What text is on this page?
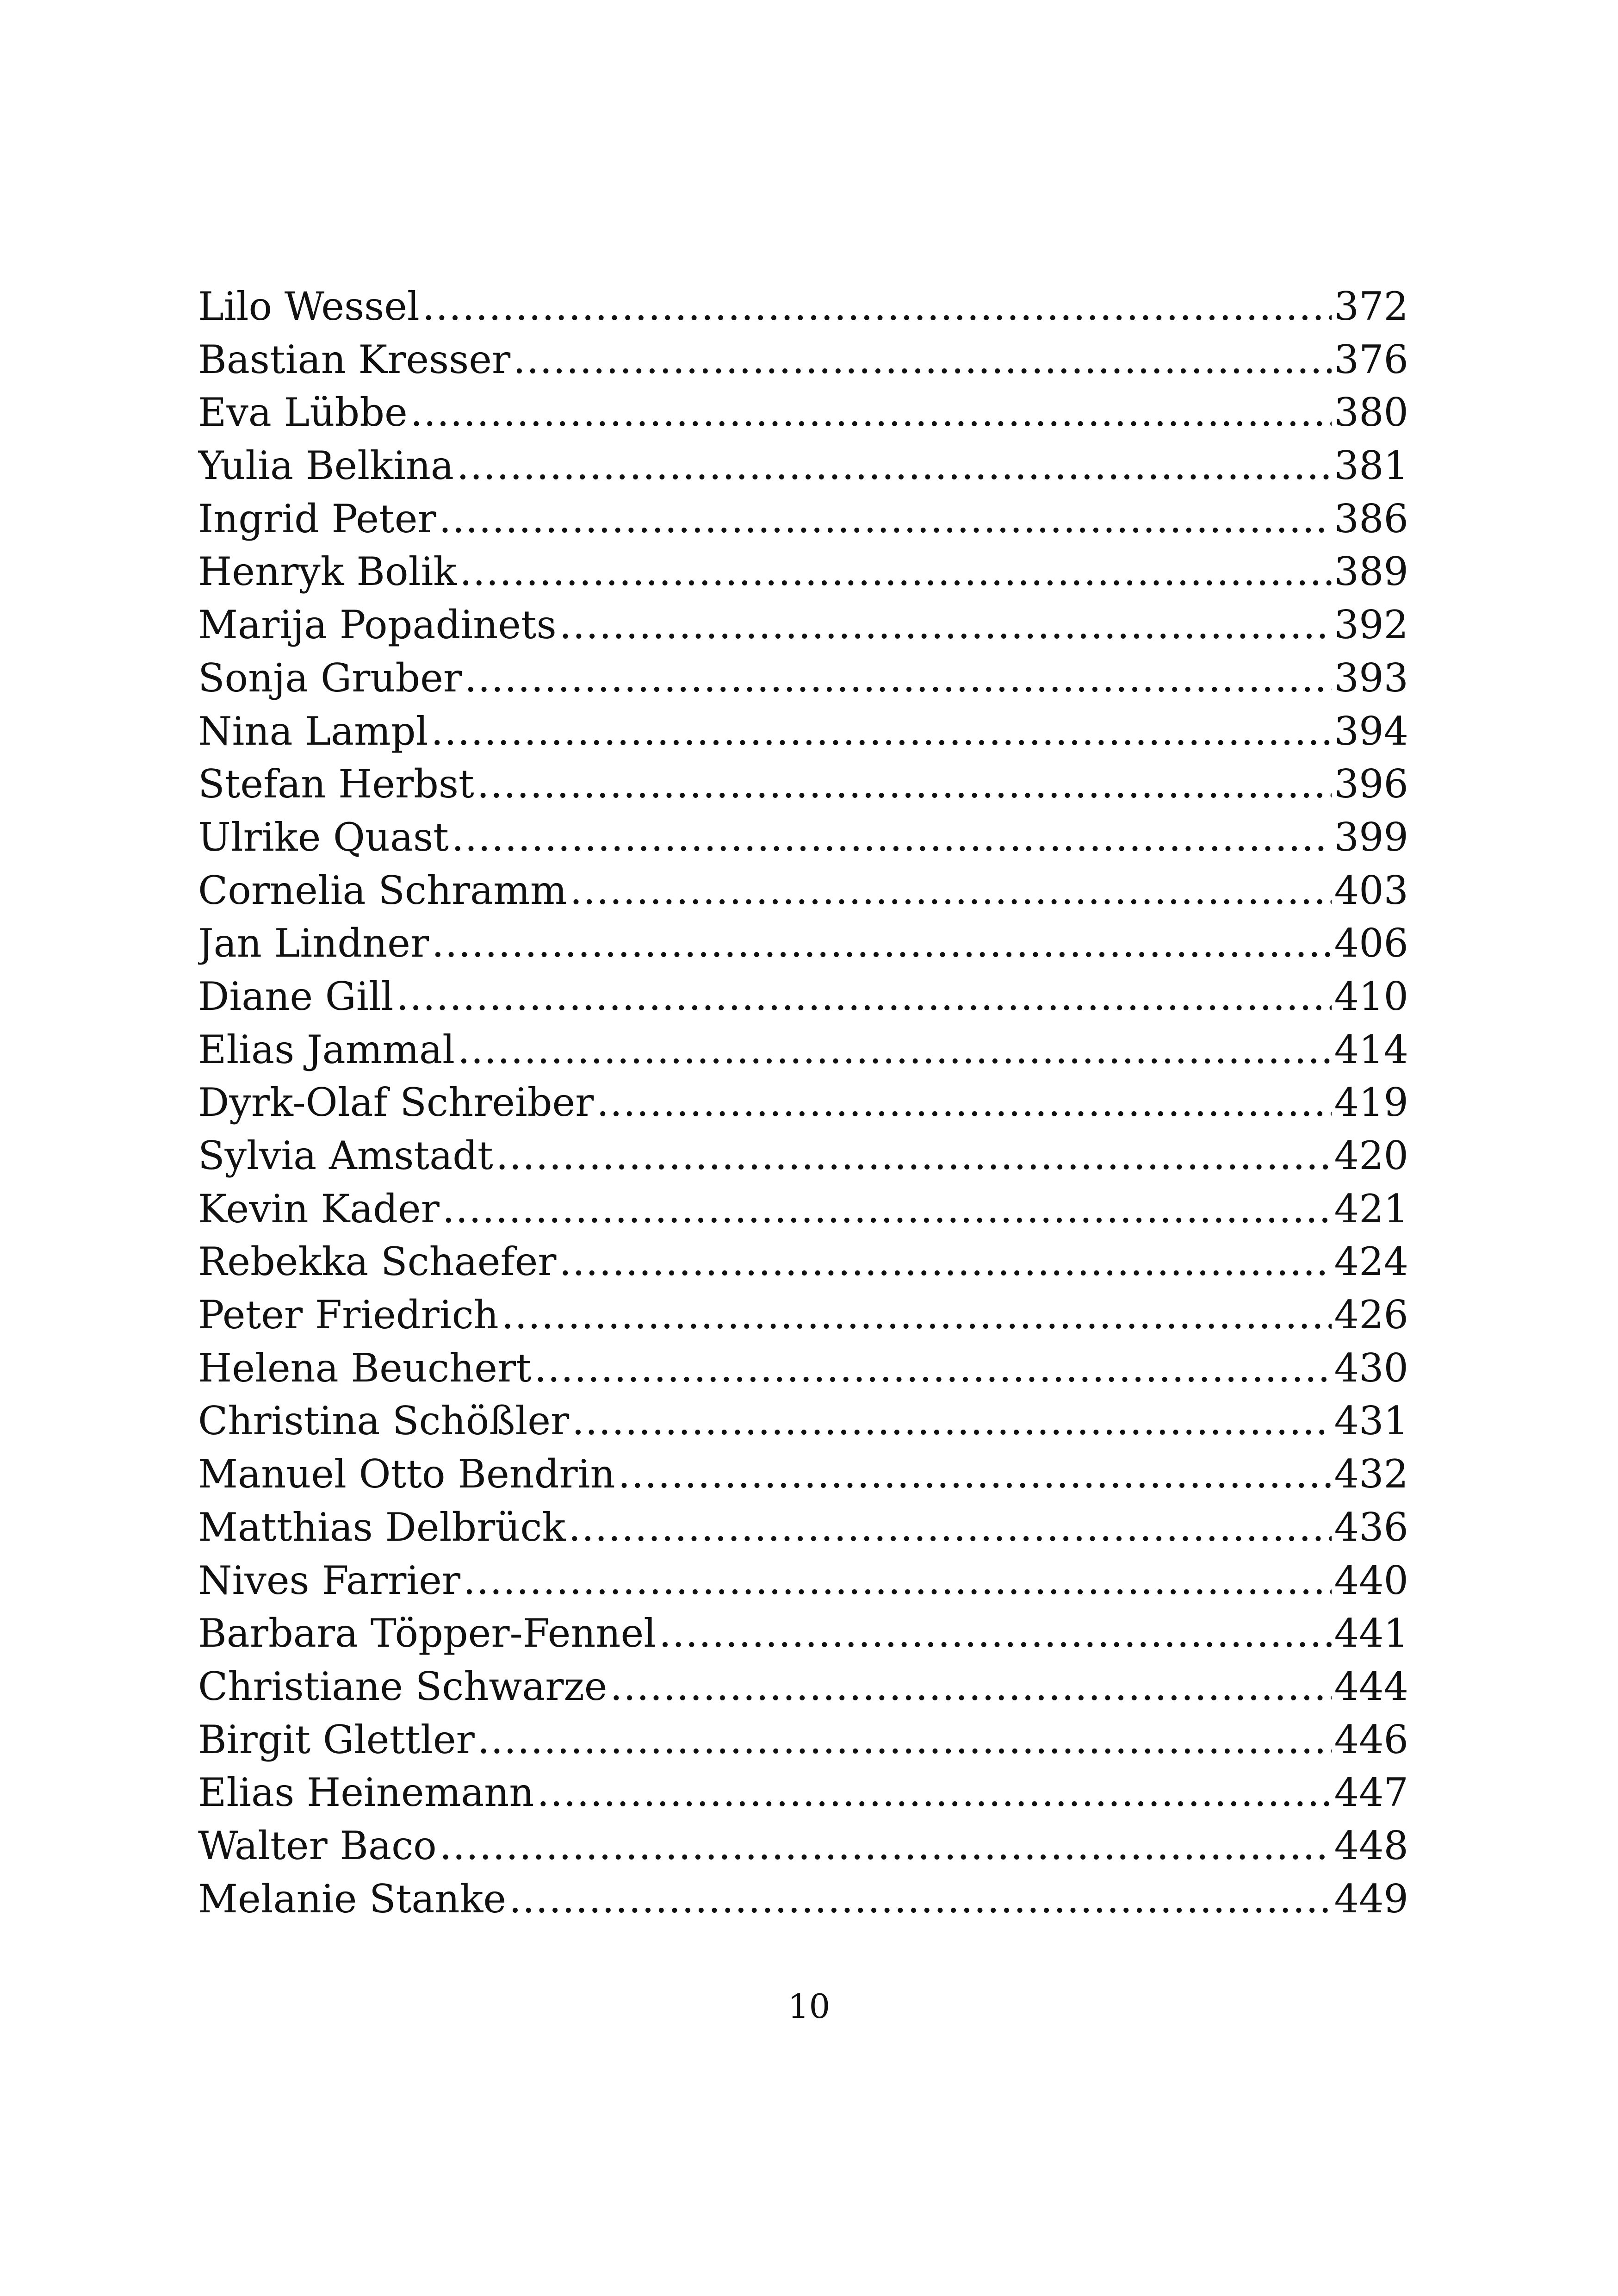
Lilo Wessel .....	372
Bastian Kresser .....	376
Eva Lübbe .....	380
Yulia Belkina .....	381
Ingrid Peter .....	386
Henryk Bolik .....	389
Marija Popadinets .....	392
Sonja Gruber .....	393
Nina Lampl .....	394
Stefan Herbst .....	396
Ulrike Quast .....	399
Cornelia Schramm .....	403
Jan Lindner .....	406
Diane Gill .....	410
Elias Jammal .....	414
Dyrk-Olaf Schreiber .....	419
Sylvia Amstadt .....	420
Kevin Kader .....	421
Rebekka Schaefer .....	424
Peter Friedrich .....	426
Helena Beuchert .....	430
Christina Schößler .....	431
Manuel Otto Bendrin .....	432
Matthias Delbrück .....	436
Nives Farrier .....	440
Barbara Töpper-Fennel .....	441
Christiane Schwarze .....	444
Birgit Glettler .....	446
Elias Heinemann .....	447
Walter Baco .....	448
Melanie Stanke .....	449
10
